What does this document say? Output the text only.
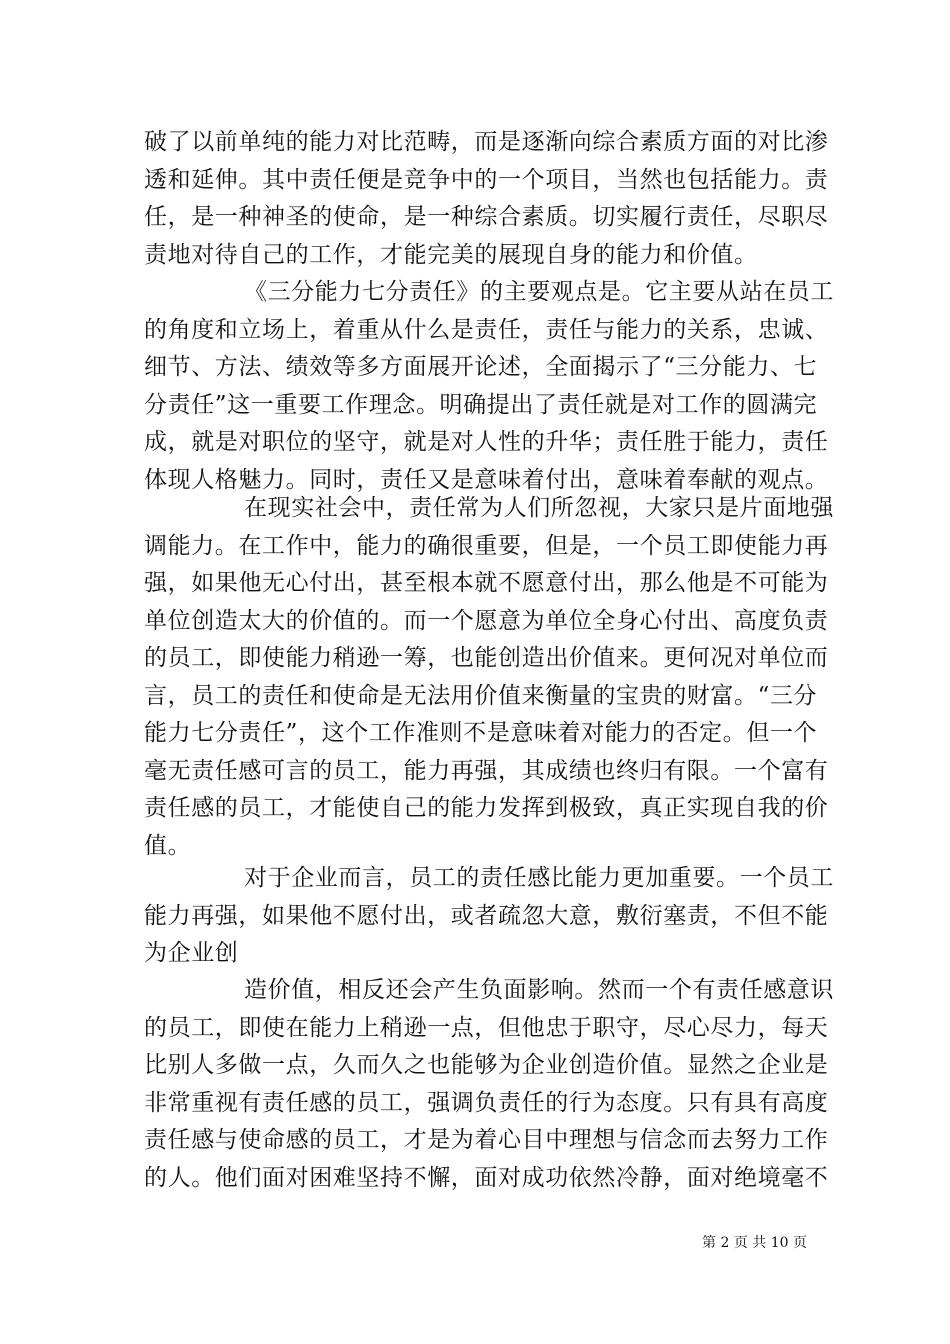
破了以前单纯的能力对比范畴，而是逐渐向综合素质方面的对比渗
透和延伸。其中责任便是竞争中的一个项目，当然也包括能力。责
任，是一种神圣的使命，是一种综合素质。切实履行责任，尽职尽
责地对待自己的工作，才能完美的展现自身的能力和价值。
《三分能力七分责任》的主要观点是。它主要从站在员工
的角度和立场上，着重从什么是责任，责任与能力的关系，忠诚、
细节、方法、绩效等多方面展开论述，全面揭示了“三分能力、七
分责任”这一重要工作理念。明确提出了责任就是对工作的圆满完
成，就是对职位的坚守，就是对人性的升华；责任胜于能力，责任
体现人格魅力。同时，责任又是意味着付出，意味着奉献的观点。
在现实社会中，责任常为人们所忽视，大家只是片面地强
调能力。在工作中，能力的确很重要，但是，一个员工即使能力再
强，如果他无心付出，甚至根本就不愿意付出，那么他是不可能为
单位创造太大的价值的。而一个愿意为单位全身心付出、高度负责
的员工，即使能力稍逊一筹，也能创造出价值来。更何况对单位而
言，员工的责任和使命是无法用价值来衡量的宝贵的财富。“三分
能力七分责任”，这个工作准则不是意味着对能力的否定。但一个
毫无责任感可言的员工，能力再强，其成绩也终归有限。一个富有
责任感的员工，才能使自己的能力发挥到极致，真正实现自我的价
值。
对于企业而言，员工的责任感比能力更加重要。一个员工
能力再强，如果他不愿付出，或者疏忽大意，敷衍塞责，不但不能
为企业创
造价值，相反还会产生负面影响。然而一个有责任感意识
的员工，即使在能力上稍逊一点，但他忠于职守，尽心尽力，每天
比别人多做一点，久而久之也能够为企业创造价值。显然之企业是
非常重视有责任感的员工，强调负责任的行为态度。只有具有高度
责任感与使命感的员工，才是为着心目中理想与信念而去努力工作
的人。他们面对困难坚持不懈，面对成功依然冷静，面对绝境毫不
第 2 页 共 10 页
